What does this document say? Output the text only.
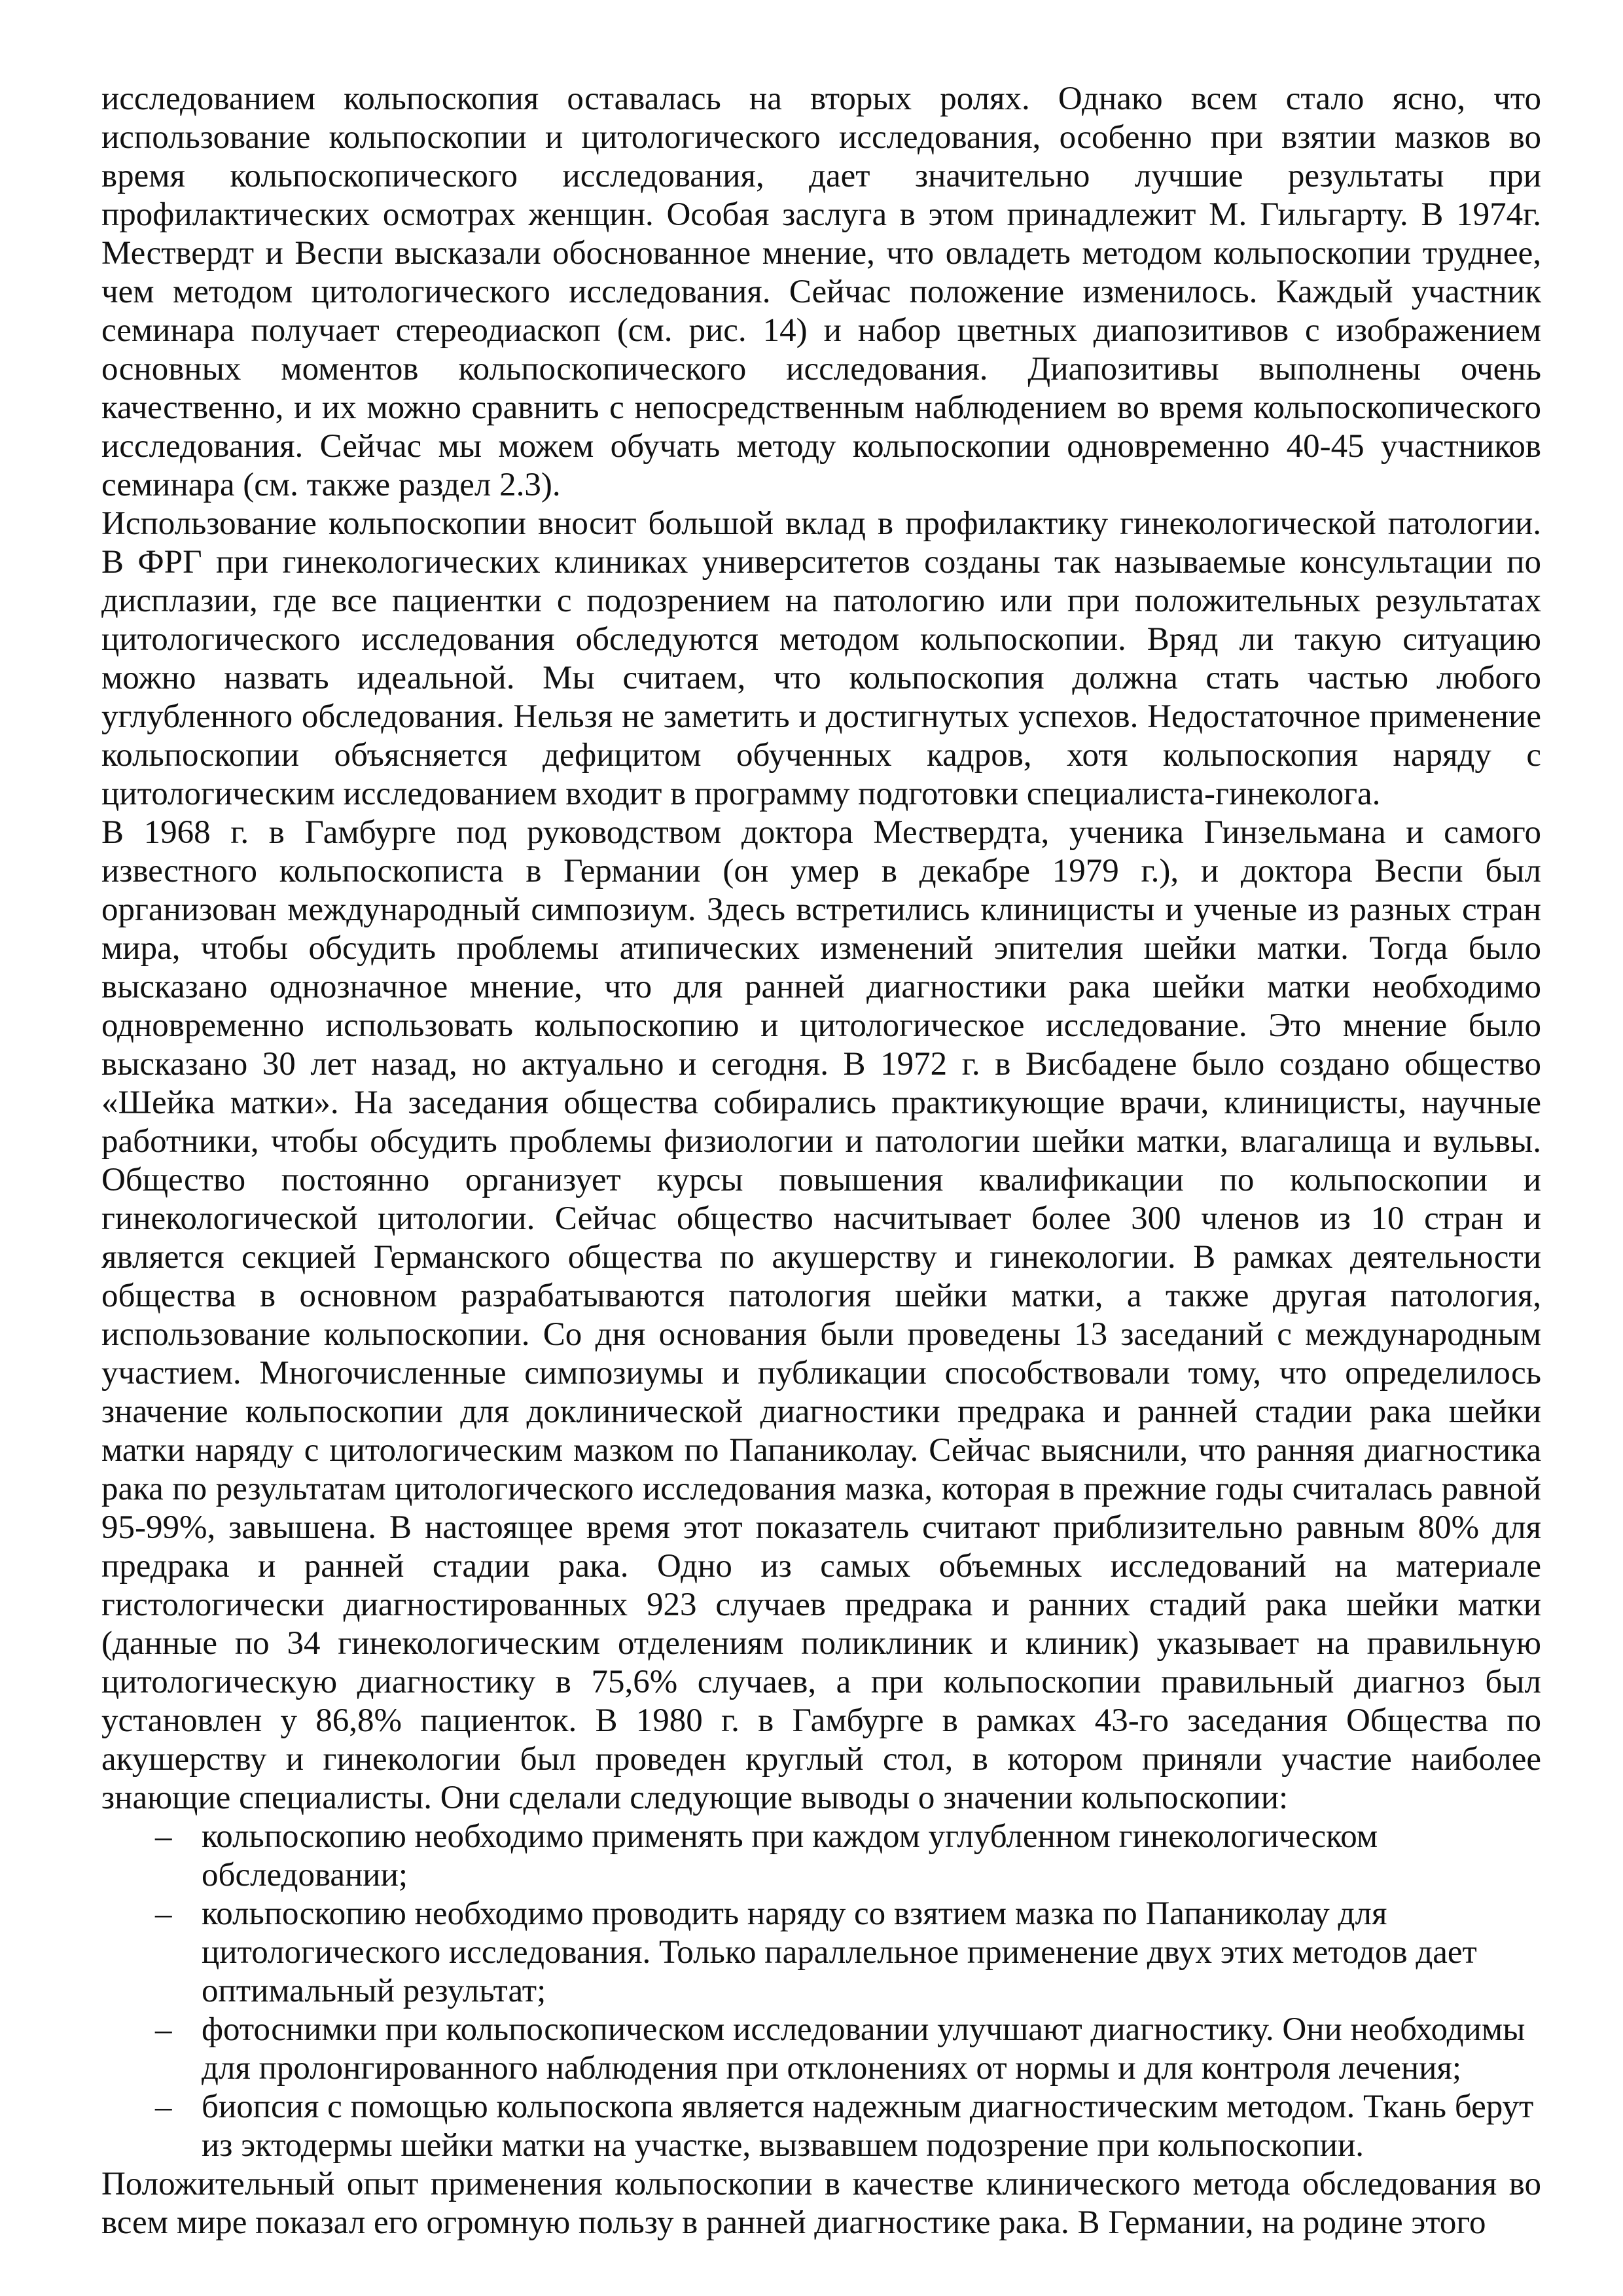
исследованием кольпоскопия оставалась на вторых ролях. Однако всем стало ясно, что использование кольпоскопии и цитологического исследования, особенно при взятии мазков во время кольпоскопического исследования, дает значительно лучшие результаты при профилактических осмотрах женщин. Особая заслуга в этом принадлежит М. Гильгарту. В 1974г. Мествердт и Веспи высказали обоснованное мнение, что овладеть методом кольпоскопии труднее, чем методом цитологического исследования. Сейчас положение изменилось. Каждый участник семинара получает стереодиаскоп (см. рис. 14) и набор цветных диапозитивов с изображением основных моментов кольпоскопического исследования. Диапозитивы выполнены очень качественно, и их можно сравнить с непосредственным наблюдением во время кольпоскопического исследования. Сейчас мы можем обучать методу кольпоскопии одновременно 40-45 участников семинара (см. также раздел 2.3).

Использование кольпоскопии вносит большой вклад в профилактику гинекологической патологии. В ФРГ при гинекологических клиниках университетов созданы так называемые консультации по дисплазии, где все пациентки с подозрением на патологию или при положительных результатах цитологического исследования обследуются методом кольпоскопии. Вряд ли такую ситуацию можно назвать идеальной. Мы считаем, что кольпоскопия должна стать частью любого углубленного обследования. Нельзя не заметить и достигнутых успехов. Недостаточное применение кольпоскопии объясняется дефицитом обученных кадров, хотя кольпоскопия наряду с цитологическим исследованием входит в программу подготовки специалиста-гинеколога.

В 1968 г. в Гамбурге под руководством доктора Мествердта, ученика Гинзельмана и самого известного кольпоскописта в Германии (он умер в декабре 1979 г.), и доктора Веспи был организован международный симпозиум. Здесь встретились клиницисты и ученые из разных стран мира, чтобы обсудить проблемы атипических изменений эпителия шейки матки. Тогда было высказано однозначное мнение, что для ранней диагностики рака шейки матки необходимо одновременно использовать кольпоскопию и цитологическое исследование. Это мнение было высказано 30 лет назад, но актуально и сегодня. В 1972 г. в Висбадене было создано общество «Шейка матки». На заседания общества собирались практикующие врачи, клиницисты, научные работники, чтобы обсудить проблемы физиологии и патологии шейки матки, влагалища и вульвы. Общество постоянно организует курсы повышения квалификации по кольпоскопии и гинекологической цитологии. Сейчас общество насчитывает более 300 членов из 10 стран и является секцией Германского общества по акушерству и гинекологии. В рамках деятельности общества в основном разрабатываются патология шейки матки, а также другая патология, использование кольпоскопии. Со дня основания были проведены 13 заседаний с международным участием. Многочисленные симпозиумы и публикации способствовали тому, что определилось значение кольпоскопии для доклинической диагностики предрака и ранней стадии рака шейки матки наряду с цитологическим мазком по Папаниколау. Сейчас выяснили, что ранняя диагностика рака по результатам цитологического исследования мазка, которая в прежние годы считалась равной 95-99%, завышена. В настоящее время этот показатель считают приблизительно равным 80% для предрака и ранней стадии рака. Одно из самых объемных исследований на материале гистологически диагностированных 923 случаев предрака и ранних стадий рака шейки матки (данные по 34 гинекологическим отделениям поликлиник и клиник) указывает на правильную цитологическую диагностику в 75,6% случаев, а при кольпоскопии правильный диагноз был установлен у 86,8% пациенток. В 1980 г. в Гамбурге в рамках 43-го заседания Общества по акушерству и гинекологии был проведен круглый стол, в котором приняли участие наиболее знающие специалисты. Они сделали следующие выводы о значении кольпоскопии:

– кольпоскопию необходимо применять при каждом углубленном гинекологическом обследовании;
– кольпоскопию необходимо проводить наряду со взятием мазка по Папаниколау для цитологического исследования. Только параллельное применение двух этих методов дает оптимальный результат;
– фотоснимки при кольпоскопическом исследовании улучшают диагностику. Они необходимы для пролонгированного наблюдения при отклонениях от нормы и для контроля лечения;
– биопсия с помощью кольпоскопа является надежным диагностическим методом. Ткань берут из эктодермы шейки матки на участке, вызвавшем подозрение при кольпоскопии.

Положительный опыт применения кольпоскопии в качестве клинического метода обследования во всем мире показал его огромную пользу в ранней диагностике рака. В Германии, на родине этого
